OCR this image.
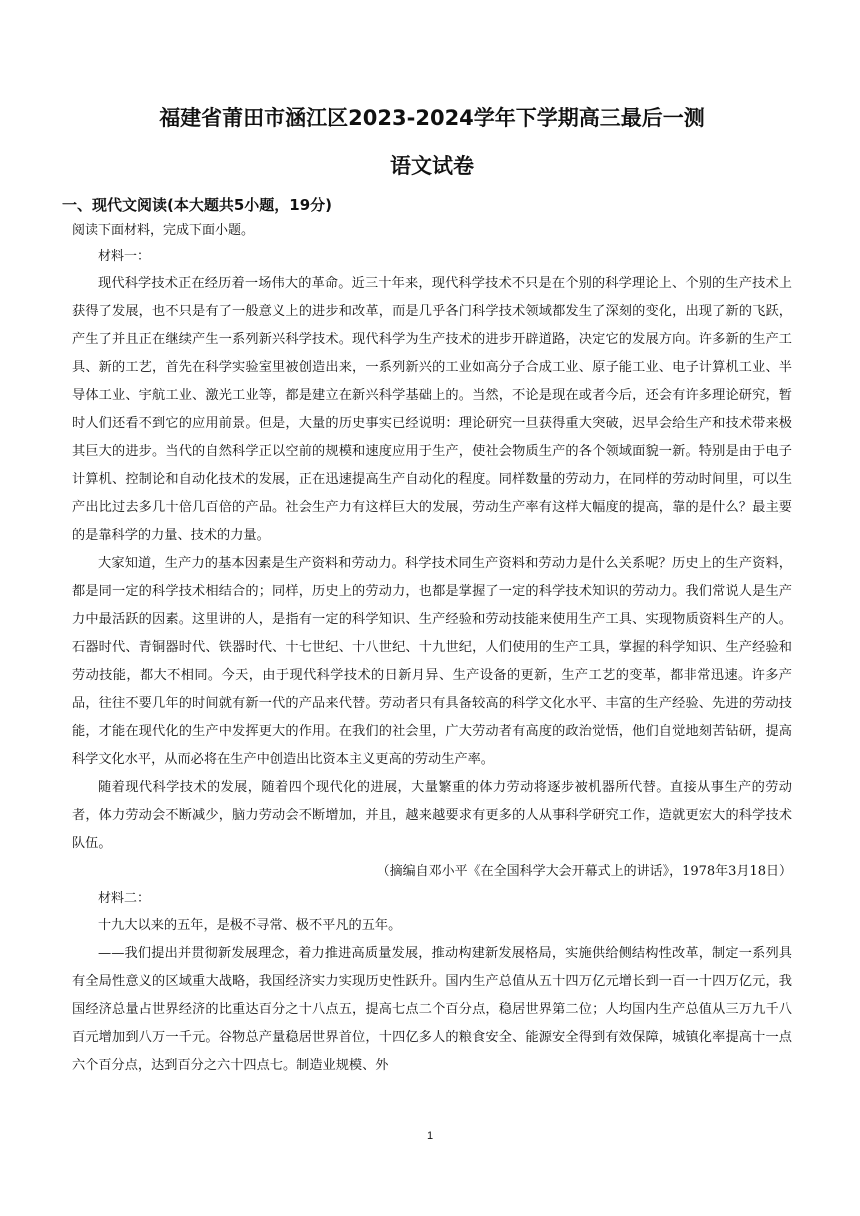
福建省莆田市涵江区2023-2024学年下学期高三最后一测
语文试卷
一、现代文阅读(本大题共5小题，19分)

阅读下面材料，完成下面小题。

材料一：

现代科学技术正在经历着一场伟大的革命。近三十年来，现代科学技术不只是在个别的科学理论上、个别的生产技术上获得了发展，也不只是有了一般意义上的进步和改革，而是几乎各门科学技术领域都发生了深刻的变化，出现了新的飞跃，产生了并且正在继续产生一系列新兴科学技术。现代科学为生产技术的进步开辟道路，决定它的发展方向。许多新的生产工具、新的工艺，首先在科学实验室里被创造出来，一系列新兴的工业如高分子合成工业、原子能工业、电子计算机工业、半导体工业、宇航工业、激光工业等，都是建立在新兴科学基础上的。当然，不论是现在或者今后，还会有许多理论研究，暂时人们还看不到它的应用前景。但是，大量的历史事实已经说明：理论研究一旦获得重大突破，迟早会给生产和技术带来极其巨大的进步。当代的自然科学正以空前的规模和速度应用于生产，使社会物质生产的各个领域面貌一新。特别是由于电子计算机、控制论和自动化技术的发展，正在迅速提高生产自动化的程度。同样数量的劳动力，在同样的劳动时间里，可以生产出比过去多几十倍几百倍的产品。社会生产力有这样巨大的发展，劳动生产率有这样大幅度的提高，靠的是什么？最主要的是靠科学的力量、技术的力量。

大家知道，生产力的基本因素是生产资料和劳动力。科学技术同生产资料和劳动力是什么关系呢？历史上的生产资料，都是同一定的科学技术相结合的；同样，历史上的劳动力，也都是掌握了一定的科学技术知识的劳动力。我们常说人是生产力中最活跃的因素。这里讲的人，是指有一定的科学知识、生产经验和劳动技能来使用生产工具、实现物质资料生产的人。石器时代、青铜器时代、铁器时代、十七世纪、十八世纪、十九世纪，人们使用的生产工具，掌握的科学知识、生产经验和劳动技能，都大不相同。今天，由于现代科学技术的日新月异、生产设备的更新，生产工艺的变革，都非常迅速。许多产品，往往不要几年的时间就有新一代的产品来代替。劳动者只有具备较高的科学文化水平、丰富的生产经验、先进的劳动技能，才能在现代化的生产中发挥更大的作用。在我们的社会里，广大劳动者有高度的政治觉悟，他们自觉地刻苦钻研，提高科学文化水平，从而必将在生产中创造出比资本主义更高的劳动生产率。

随着现代科学技术的发展，随着四个现代化的进展，大量繁重的体力劳动将逐步被机器所代替。直接从事生产的劳动者，体力劳动会不断减少，脑力劳动会不断增加，并且，越来越要求有更多的人从事科学研究工作，造就更宏大的科学技术队伍。

（摘编自邓小平《在全国科学大会开幕式上的讲话》，1978年3月18日）

材料二：

十九大以来的五年，是极不寻常、极不平凡的五年。

——我们提出并贯彻新发展理念，着力推进高质量发展，推动构建新发展格局，实施供给侧结构性改革，制定一系列具有全局性意义的区域重大战略，我国经济实力实现历史性跃升。国内生产总值从五十四万亿元增长到一百一十四万亿元，我国经济总量占世界经济的比重达百分之十八点五，提高七点二个百分点，稳居世界第二位；人均国内生产总值从三万九千八百元增加到八万一千元。谷物总产量稳居世界首位，十四亿多人的粮食安全、能源安全得到有效保障，城镇化率提高十一点六个百分点，达到百分之六十四点七。制造业规模、外

1
